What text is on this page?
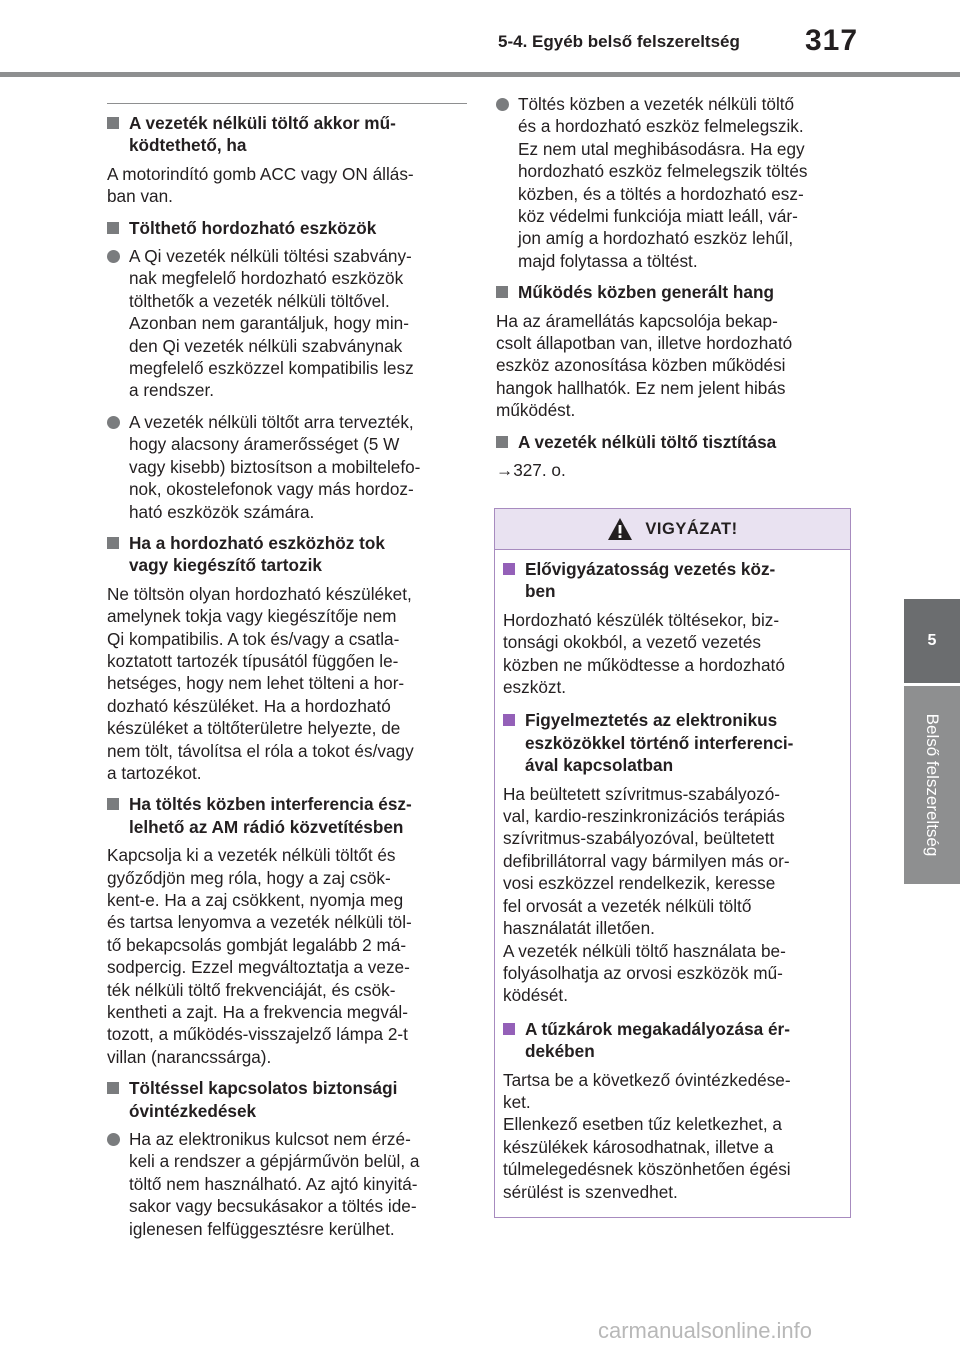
5-4. Egyéb belső felszereltség	317
5
Belső felszereltség
A vezeték nélküli töltő akkor mű-
ködtethető, ha
A motorindító gomb ACC vagy ON állás-
ban van.
Tölthető hordozható eszközök
A Qi vezeték nélküli töltési szabvány-
nak megfelelő hordozható eszközök
tölthetők a vezeték nélküli töltővel.
Azonban nem garantáljuk, hogy min-
den Qi vezeték nélküli szabványnak
megfelelő eszközzel kompatibilis lesz
a rendszer.
A vezeték nélküli töltőt arra tervezték,
hogy alacsony áramerősséget (5 W
vagy kisebb) biztosítson a mobiltelefo-
nok, okostelefonok vagy más hordoz-
ható eszközök számára.
Ha a hordozható eszközhöz tok
vagy kiegészítő tartozik
Ne töltsön olyan hordozható készüléket,
amelynek tokja vagy kiegészítője nem
Qi kompatibilis. A tok és/vagy a csatla-
koztatott tartozék típusától függően le-
hetséges, hogy nem lehet tölteni a hor-
dozható készüléket. Ha a hordozható
készüléket a töltőterületre helyezte, de
nem tölt, távolítsa el róla a tokot és/vagy
a tartozékot.
Ha töltés közben interferencia ész-
lelhető az AM rádió közvetítésben
Kapcsolja ki a vezeték nélküli töltőt és
győződjön meg róla, hogy a zaj csök-
kent-e. Ha a zaj csökkent, nyomja meg
és tartsa lenyomva a vezeték nélküli töl-
tő bekapcsolás gombját legalább 2 má-
sodpercig. Ezzel megváltoztatja a veze-
ték nélküli töltő frekvenciáját, és csök-
kentheti a zajt. Ha a frekvencia megvál-
tozott, a működés-visszajelző lámpa 2-t
villan (narancssárga).
Töltéssel kapcsolatos biztonsági
óvintézkedések
Ha az elektronikus kulcsot nem érzé-
keli a rendszer a gépjárművön belül, a
töltő nem használható. Az ajtó kinyitá-
sakor vagy becsukásakor a töltés ide-
iglenesen felfüggesztésre kerülhet.
Töltés közben a vezeték nélküli töltő
és a hordozható eszköz felmelegszik.
Ez nem utal meghibásodásra. Ha egy
hordozható eszköz felmelegszik töltés
közben, és a töltés a hordozható esz-
köz védelmi funkciója miatt leáll, vár-
jon amíg a hordozható eszköz lehűl,
majd folytassa a töltést.
Működés közben generált hang
Ha az áramellátás kapcsolója bekap-
csolt állapotban van, illetve hordozható
eszköz azonosítása közben működési
hangok hallhatók. Ez nem jelent hibás
működést.
A vezeték nélküli töltő tisztítása
→327. o.
VIGYÁZAT!
Elővigyázatosság vezetés köz-
ben
Hordozható készülék töltésekor, biz-
tonsági okokból, a vezető vezetés
közben ne működtesse a hordozható
eszközt.
Figyelmeztetés az elektronikus
eszközökkel történő interferenci-
ával kapcsolatban
Ha beültetett szívritmus-szabályozó-
val, kardio-reszinkronizációs terápiás
szívritmus-szabályozóval, beültetett
defibrillátorral vagy bármilyen más or-
vosi eszközzel rendelkezik, keresse
fel orvosát a vezeték nélküli töltő
használatát illetően.
A vezeték nélküli töltő használata be-
folyásolhatja az orvosi eszközök mű-
ködését.
A tűzkárok megakadályozása ér-
dekében
Tartsa be a következő óvintézkedése-
ket.
Ellenkező esetben tűz keletkezhet, a
készülékek károsodhatnak, illetve a
túlmelegedésnek köszönhetően égési
sérülést is szenvedhet.
carmanualsonline.info
